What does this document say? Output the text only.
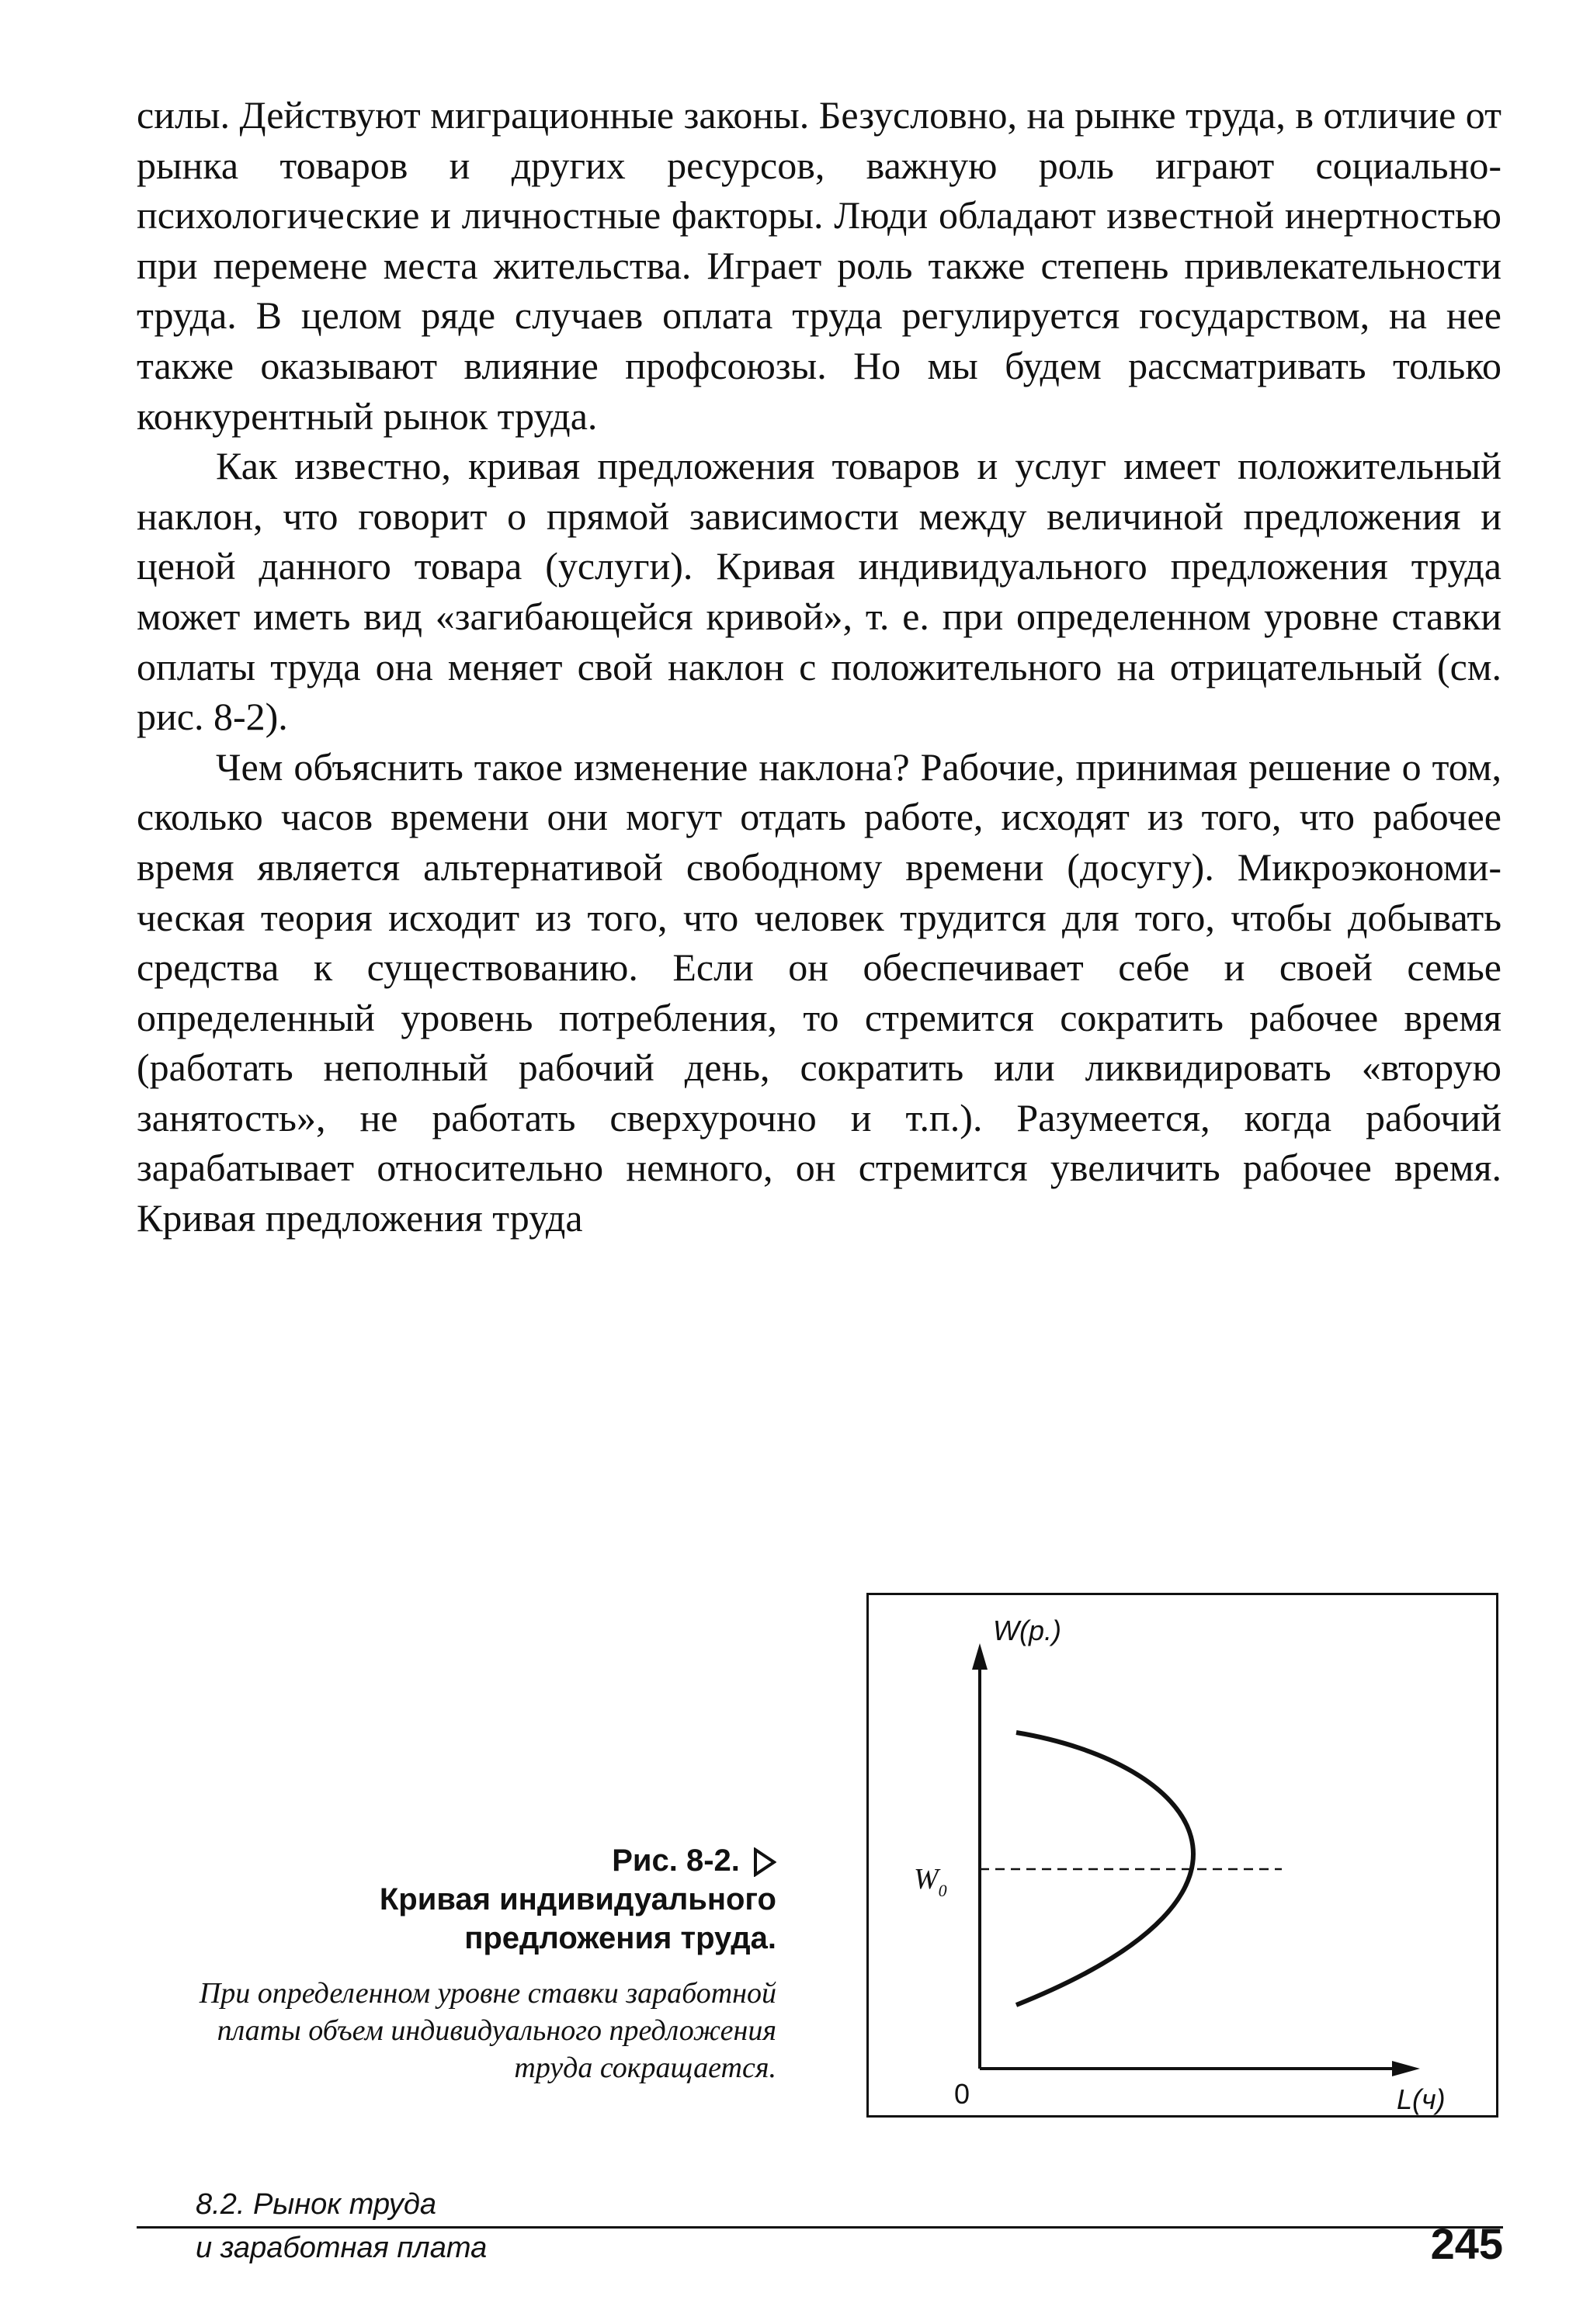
силы. Действуют миграционные законы. Безусловно, на рынке труда, в отличие от рынка товаров и других ресурсов, важную роль играют социально-психологические и личностные факторы. Люди обладают известной инертностью при перемене места жительства. Играет роль также степень привлекательности труда. В целом ряде случаев оплата труда регулируется государством, на нее также оказывают влияние профсоюзы. Но мы будем рассматривать только конкурентный рынок труда.

Как известно, кривая предложения товаров и услуг имеет положительный наклон, что говорит о прямой зависимости между величиной предложения и ценой данного товара (услуги). Кривая индивидуального предложения труда может иметь вид «загибающейся кривой», т. е. при определенном уровне ставки оплаты труда она меняет свой наклон с положительного на отрицательный (см. рис. 8-2).

Чем объяснить такое изменение наклона? Рабочие, принимая решение о том, сколько часов времени они могут отдать работе, исходят из того, что рабочее время является альтернативой свободному времени (досугу). Микроэкономическая теория исходит из того, что человек трудится для того, чтобы добывать средства к существованию. Если он обеспечивает себе и своей семье определенный уровень потребления, то стремится сократить рабочее время (работать неполный рабочий день, сократить или ликвидировать «вторую занятость», не работать сверхурочно и т.п.). Разумеется, когда рабочий зарабатывает относительно немного, он стремится увеличить рабочее время. Кривая предложения труда

Рис. 8-2.
Кривая индивидуального
предложения труда.
При определенном уровне ставки заработной платы объем индивидуального предложения труда сокращается.
W(р.)
$W_0$
0	L(ч)
8.2. Рынок труда
и заработная плата	245
